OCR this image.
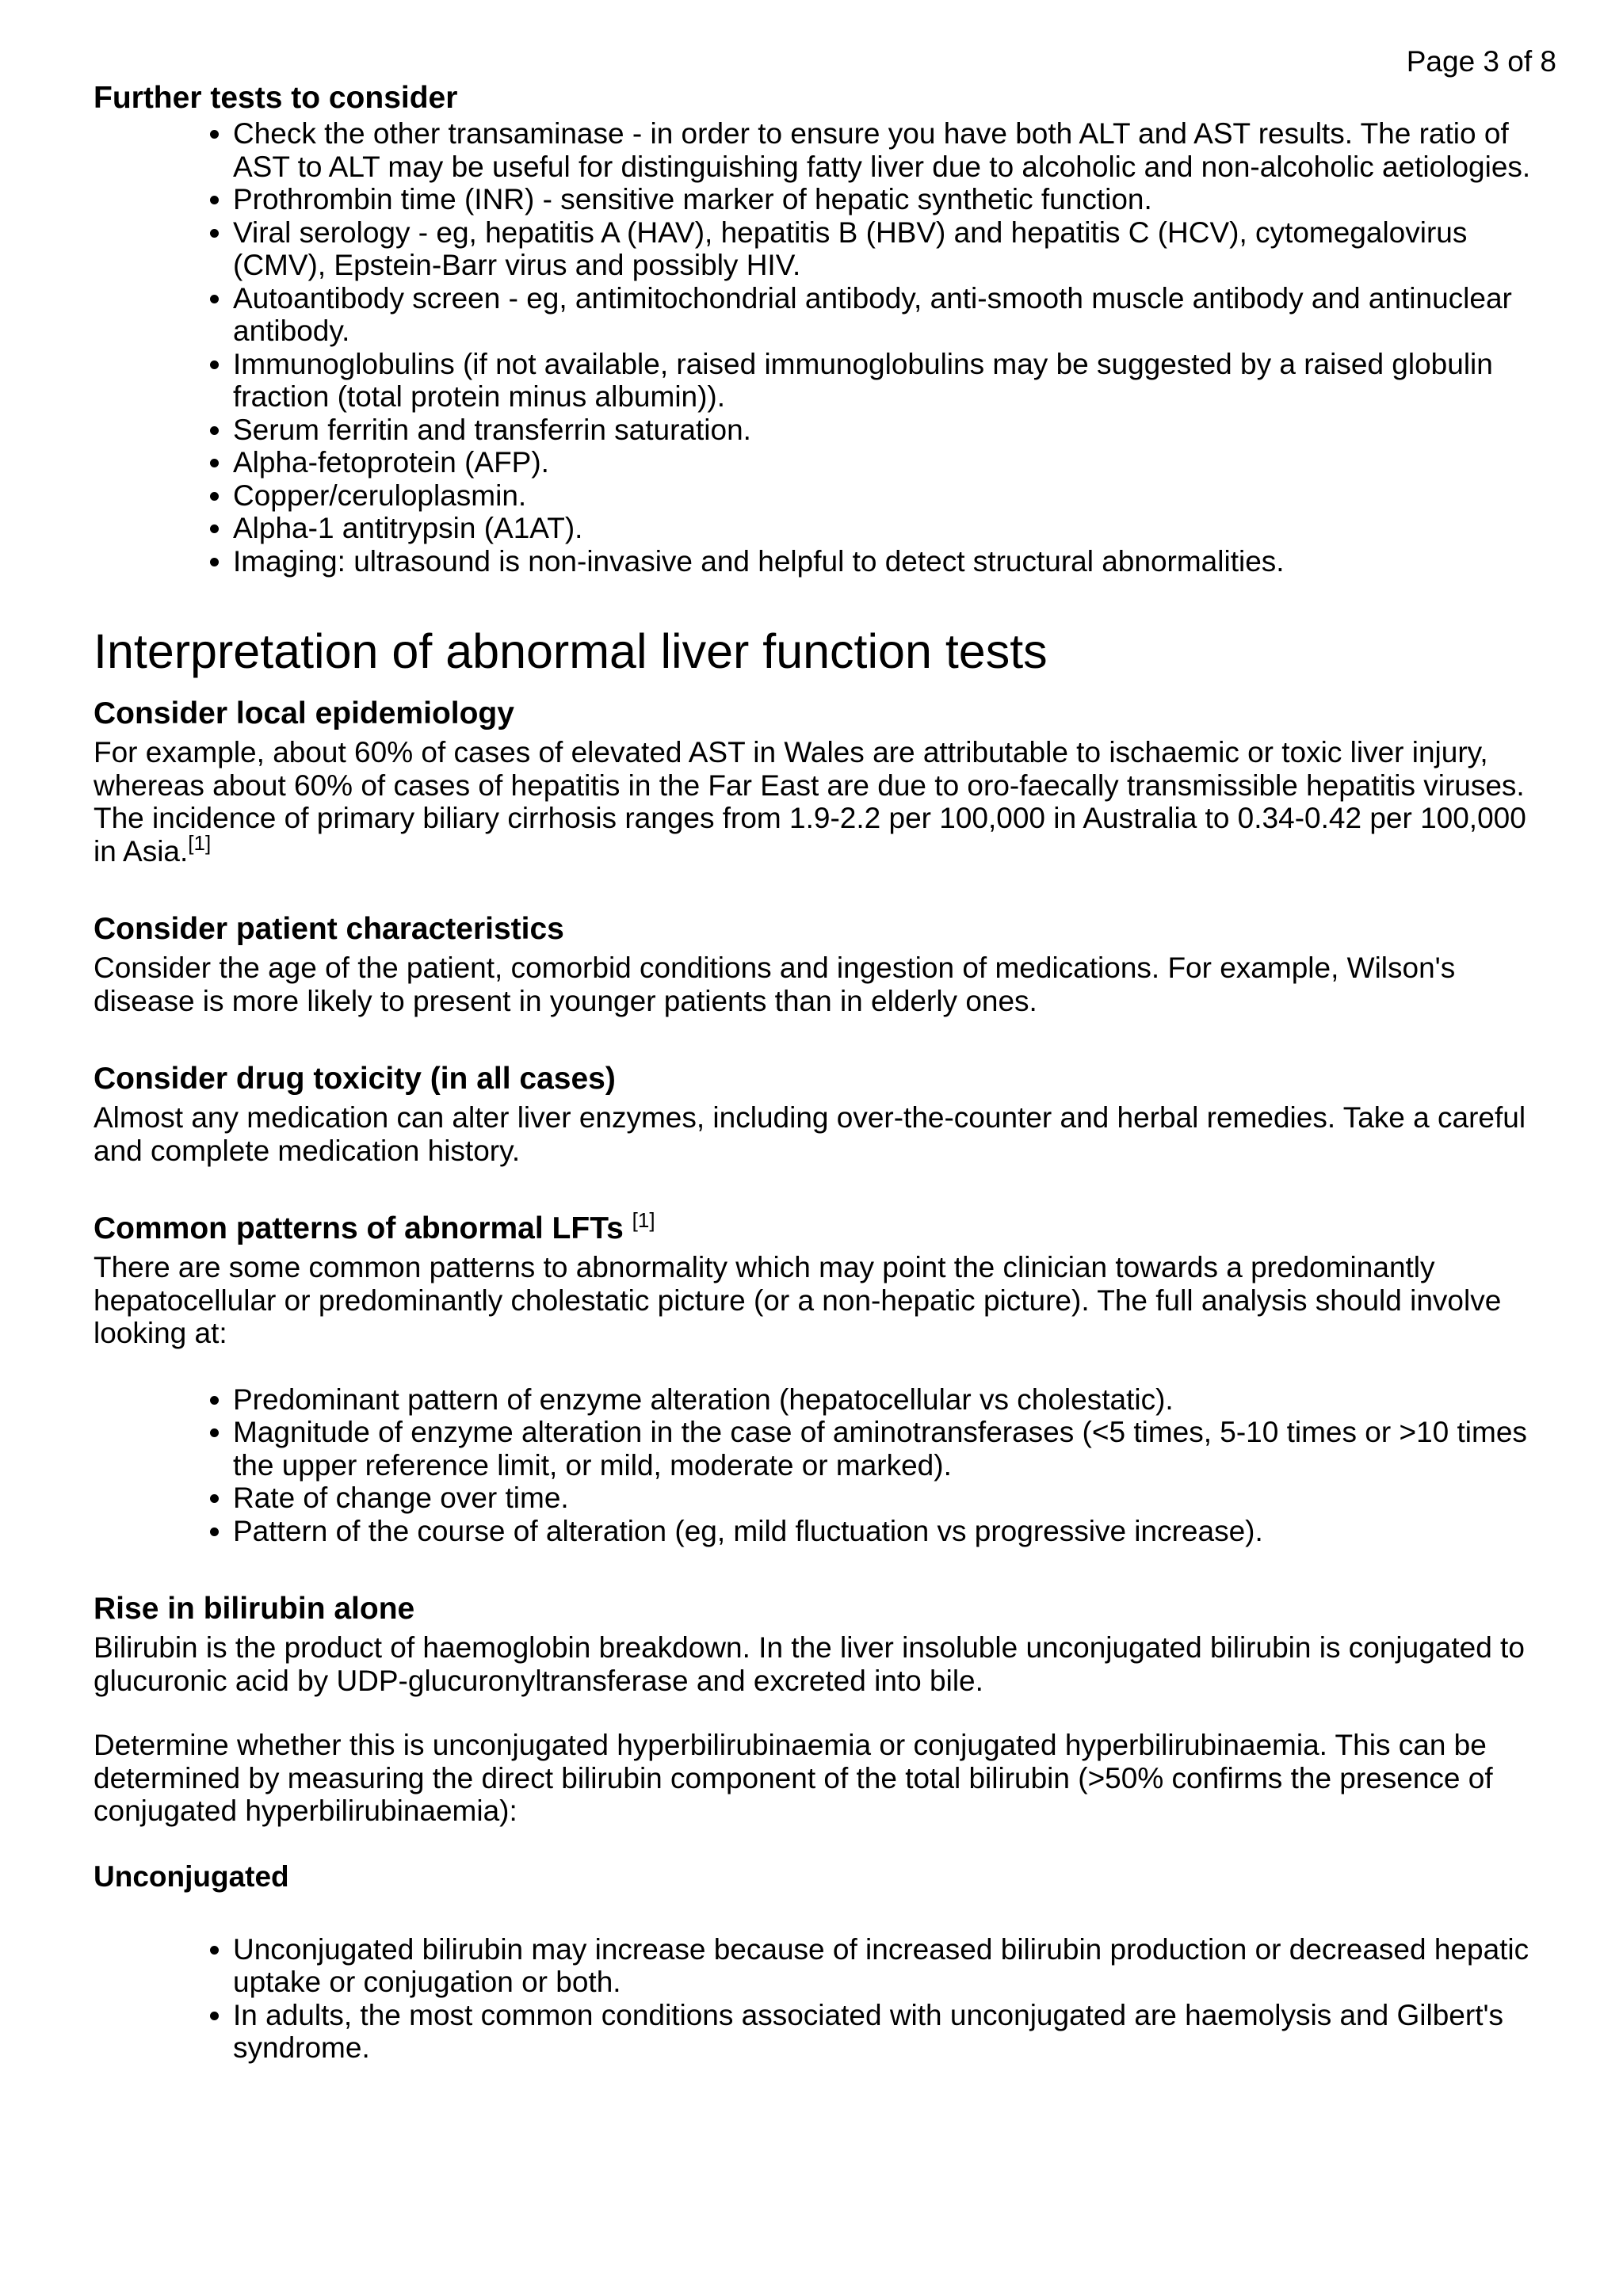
Page 3 of 8
Further tests to consider
• Check the other transaminase - in order to ensure you have both ALT and AST results. The ratio of AST to ALT may be useful for distinguishing fatty liver due to alcoholic and non-alcoholic aetiologies.
• Prothrombin time (INR) - sensitive marker of hepatic synthetic function.
• Viral serology - eg, hepatitis A (HAV), hepatitis B (HBV) and hepatitis C (HCV), cytomegalovirus (CMV), Epstein-Barr virus and possibly HIV.
• Autoantibody screen - eg, antimitochondrial antibody, anti-smooth muscle antibody and antinuclear antibody.
• Immunoglobulins (if not available, raised immunoglobulins may be suggested by a raised globulin fraction (total protein minus albumin)).
• Serum ferritin and transferrin saturation.
• Alpha-fetoprotein (AFP).
• Copper/ceruloplasmin.
• Alpha-1 antitrypsin (A1AT).
• Imaging: ultrasound is non-invasive and helpful to detect structural abnormalities.
Interpretation of abnormal liver function tests
Consider local epidemiology

For example, about 60% of cases of elevated AST in Wales are attributable to ischaemic or toxic liver injury, whereas about 60% of cases of hepatitis in the Far East are due to oro-faecally transmissible hepatitis viruses. The incidence of primary biliary cirrhosis ranges from 1.9-2.2 per 100,000 in Australia to 0.34-0.42 per 100,000 in Asia.[1]

Consider patient characteristics

Consider the age of the patient, comorbid conditions and ingestion of medications. For example, Wilson's disease is more likely to present in younger patients than in elderly ones.

Consider drug toxicity (in all cases)

Almost any medication can alter liver enzymes, including over-the-counter and herbal remedies. Take a careful and complete medication history.

Common patterns of abnormal LFTs [1]

There are some common patterns to abnormality which may point the clinician towards a predominantly hepatocellular or predominantly cholestatic picture (or a non-hepatic picture). The full analysis should involve looking at:

• Predominant pattern of enzyme alteration (hepatocellular vs cholestatic).
• Magnitude of enzyme alteration in the case of aminotransferases (<5 times, 5-10 times or >10 times the upper reference limit, or mild, moderate or marked).
• Rate of change over time.
• Pattern of the course of alteration (eg, mild fluctuation vs progressive increase).
Rise in bilirubin alone

Bilirubin is the product of haemoglobin breakdown. In the liver insoluble unconjugated bilirubin is conjugated to glucuronic acid by UDP-glucuronyltransferase and excreted into bile.

Determine whether this is unconjugated hyperbilirubinaemia or conjugated hyperbilirubinaemia. This can be determined by measuring the direct bilirubin component of the total bilirubin (>50% confirms the presence of conjugated hyperbilirubinaemia):

Unconjugated
• Unconjugated bilirubin may increase because of increased bilirubin production or decreased hepatic uptake or conjugation or both.
• In adults, the most common conditions associated with unconjugated are haemolysis and Gilbert's syndrome.
